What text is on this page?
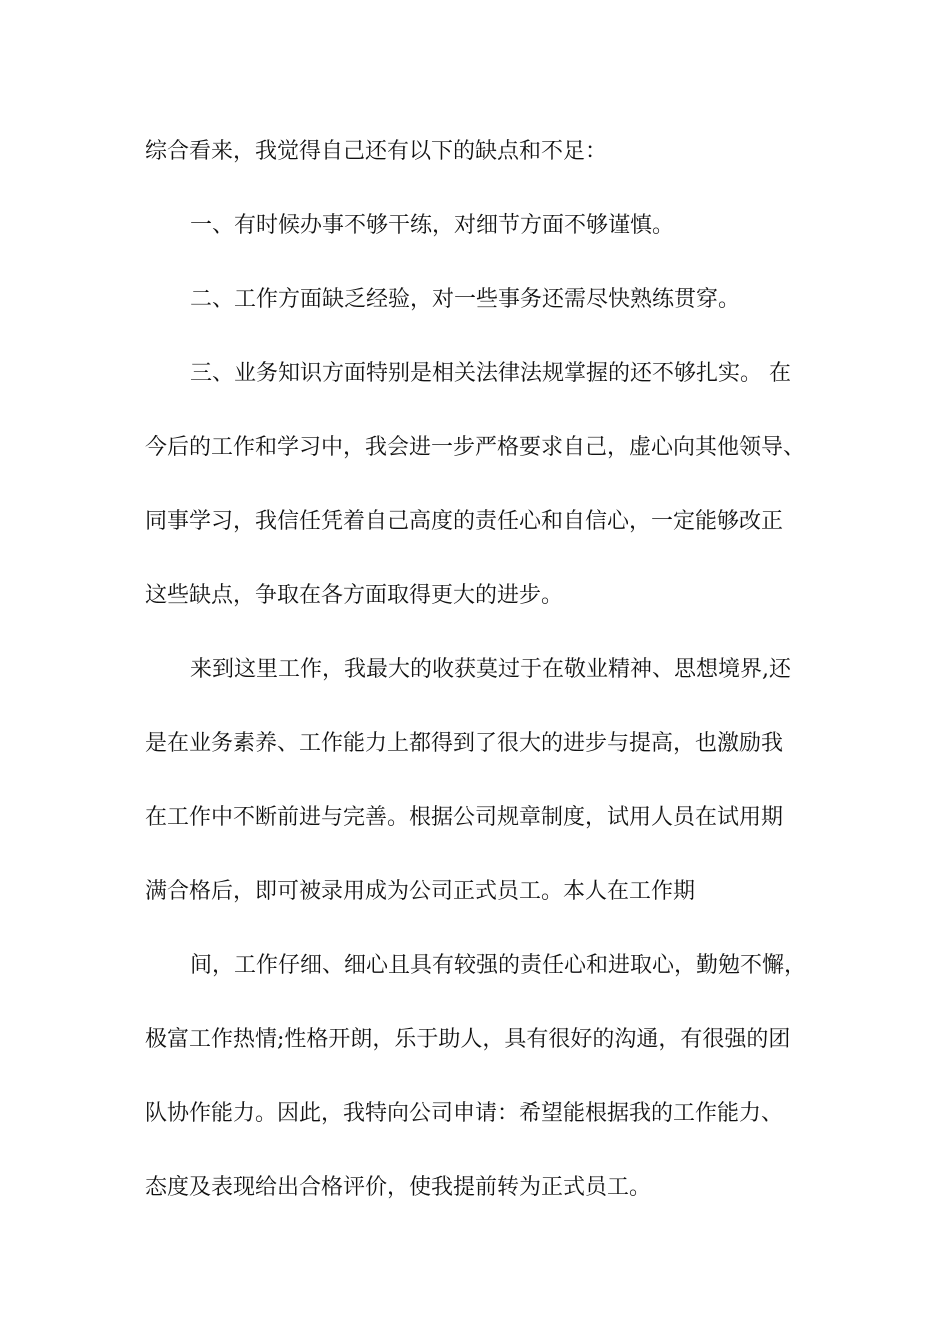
综合看来，我觉得自己还有以下的缺点和不足：
一、有时候办事不够干练，对细节方面不够谨慎。
二、工作方面缺乏经验，对一些事务还需尽快熟练贯穿。
三、业务知识方面特别是相关法律法规掌握的还不够扎实。 在
今后的工作和学习中，我会进一步严格要求自己，虚心向其他领导、
同事学习，我信任凭着自己高度的责任心和自信心，一定能够改正
这些缺点，争取在各方面取得更大的进步。
来到这里工作，我最大的收获莫过于在敬业精神、思想境界,还
是在业务素养、工作能力上都得到了很大的进步与提高，也激励我
在工作中不断前进与完善。根据公司规章制度，试用人员在试用期
满合格后，即可被录用成为公司正式员工。本人在工作期
间，工作仔细、细心且具有较强的责任心和进取心，勤勉不懈，
极富工作热情;性格开朗，乐于助人，具有很好的沟通，有很强的团
队协作能力。因此，我特向公司申请：希望能根据我的工作能力、
态度及表现给出合格评价，使我提前转为正式员工。
